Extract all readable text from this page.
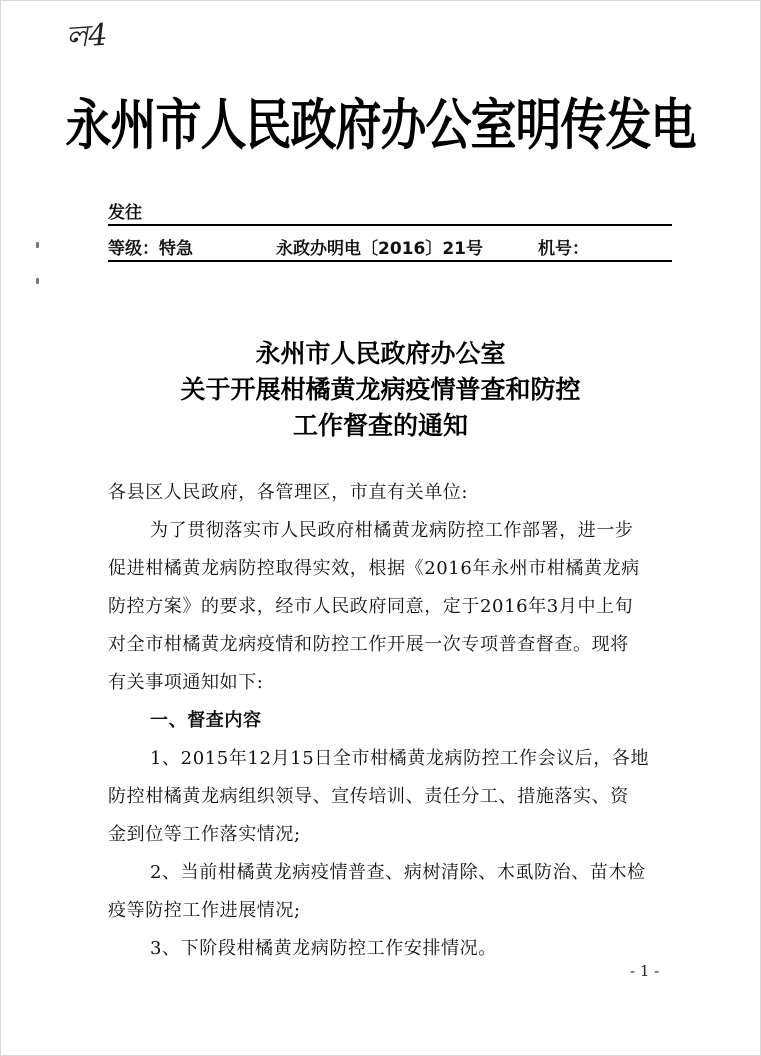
ল4
永州市人民政府办公室明传发电
发往
等级：特急	永政办明电〔2016〕21号	机号：
永州市人民政府办公室
关于开展柑橘黄龙病疫情普查和防控
工作督查的通知
各县区人民政府，各管理区，市直有关单位:
为了贯彻落实市人民政府柑橘黄龙病防控工作部署，进一步
促进柑橘黄龙病防控取得实效，根据《2016年永州市柑橘黄龙病
防控方案》的要求，经市人民政府同意，定于2016年3月中上旬
对全市柑橘黄龙病疫情和防控工作开展一次专项普查督查。现将
有关事项通知如下:
一、督查内容
1、2015年12月15日全市柑橘黄龙病防控工作会议后，各地
防控柑橘黄龙病组织领导、宣传培训、责任分工、措施落实、资
金到位等工作落实情况;
2、当前柑橘黄龙病疫情普查、病树清除、木虱防治、苗木检
疫等防控工作进展情况;
3、下阶段柑橘黄龙病防控工作安排情况。
- 1 -
